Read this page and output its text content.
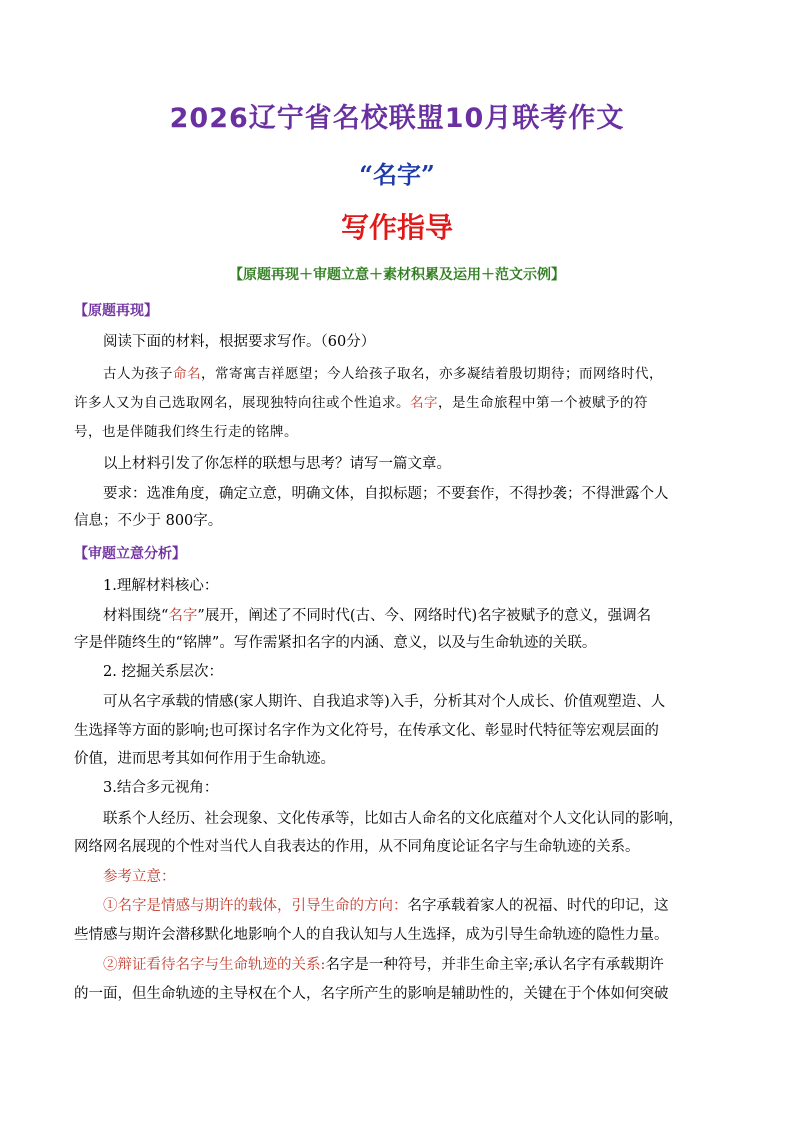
2026辽宁省名校联盟10月联考作文
“名字”
写作指导
【原题再现＋审题立意＋素材积累及运用＋范文示例】
【原题再现】
阅读下面的材料，根据要求写作。（60分）
古人为孩子命名，常寄寓吉祥愿望；今人给孩子取名，亦多凝结着殷切期待；而网络时代，
许多人又为自己选取网名，展现独特向往或个性追求。名字，是生命旅程中第一个被赋予的符
号，也是伴随我们终生行走的铭牌。
以上材料引发了你怎样的联想与思考？请写一篇文章。
要求：选准角度，确定立意，明确文体，自拟标题；不要套作，不得抄袭；不得泄露个人
信息；不少于 800字。
【审题立意分析】
1.理解材料核心：
材料围绕“名字”展开，阐述了不同时代(古、今、网络时代)名字被赋予的意义，强调名
字是伴随终生的“铭牌”。写作需紧扣名字的内涵、意义，以及与生命轨迹的关联。
2. 挖掘关系层次：
可从名字承载的情感(家人期许、自我追求等)入手，分析其对个人成长、价值观塑造、人
生选择等方面的影响;也可探讨名字作为文化符号，在传承文化、彰显时代特征等宏观层面的
价值，进而思考其如何作用于生命轨迹。
3.结合多元视角：
联系个人经历、社会现象、文化传承等，比如古人命名的文化底蕴对个人文化认同的影响，
网络网名展现的个性对当代人自我表达的作用，从不同角度论证名字与生命轨迹的关系。
参考立意：
①名字是情感与期许的载体，引导生命的方向：名字承载着家人的祝福、时代的印记，这
些情感与期许会潜移默化地影响个人的自我认知与人生选择，成为引导生命轨迹的隐性力量。
②辩证看待名字与生命轨迹的关系:名字是一种符号，并非生命主宰;承认名字有承载期许
的一面，但生命轨迹的主导权在个人，名字所产生的影响是辅助性的，关键在于个体如何突破
